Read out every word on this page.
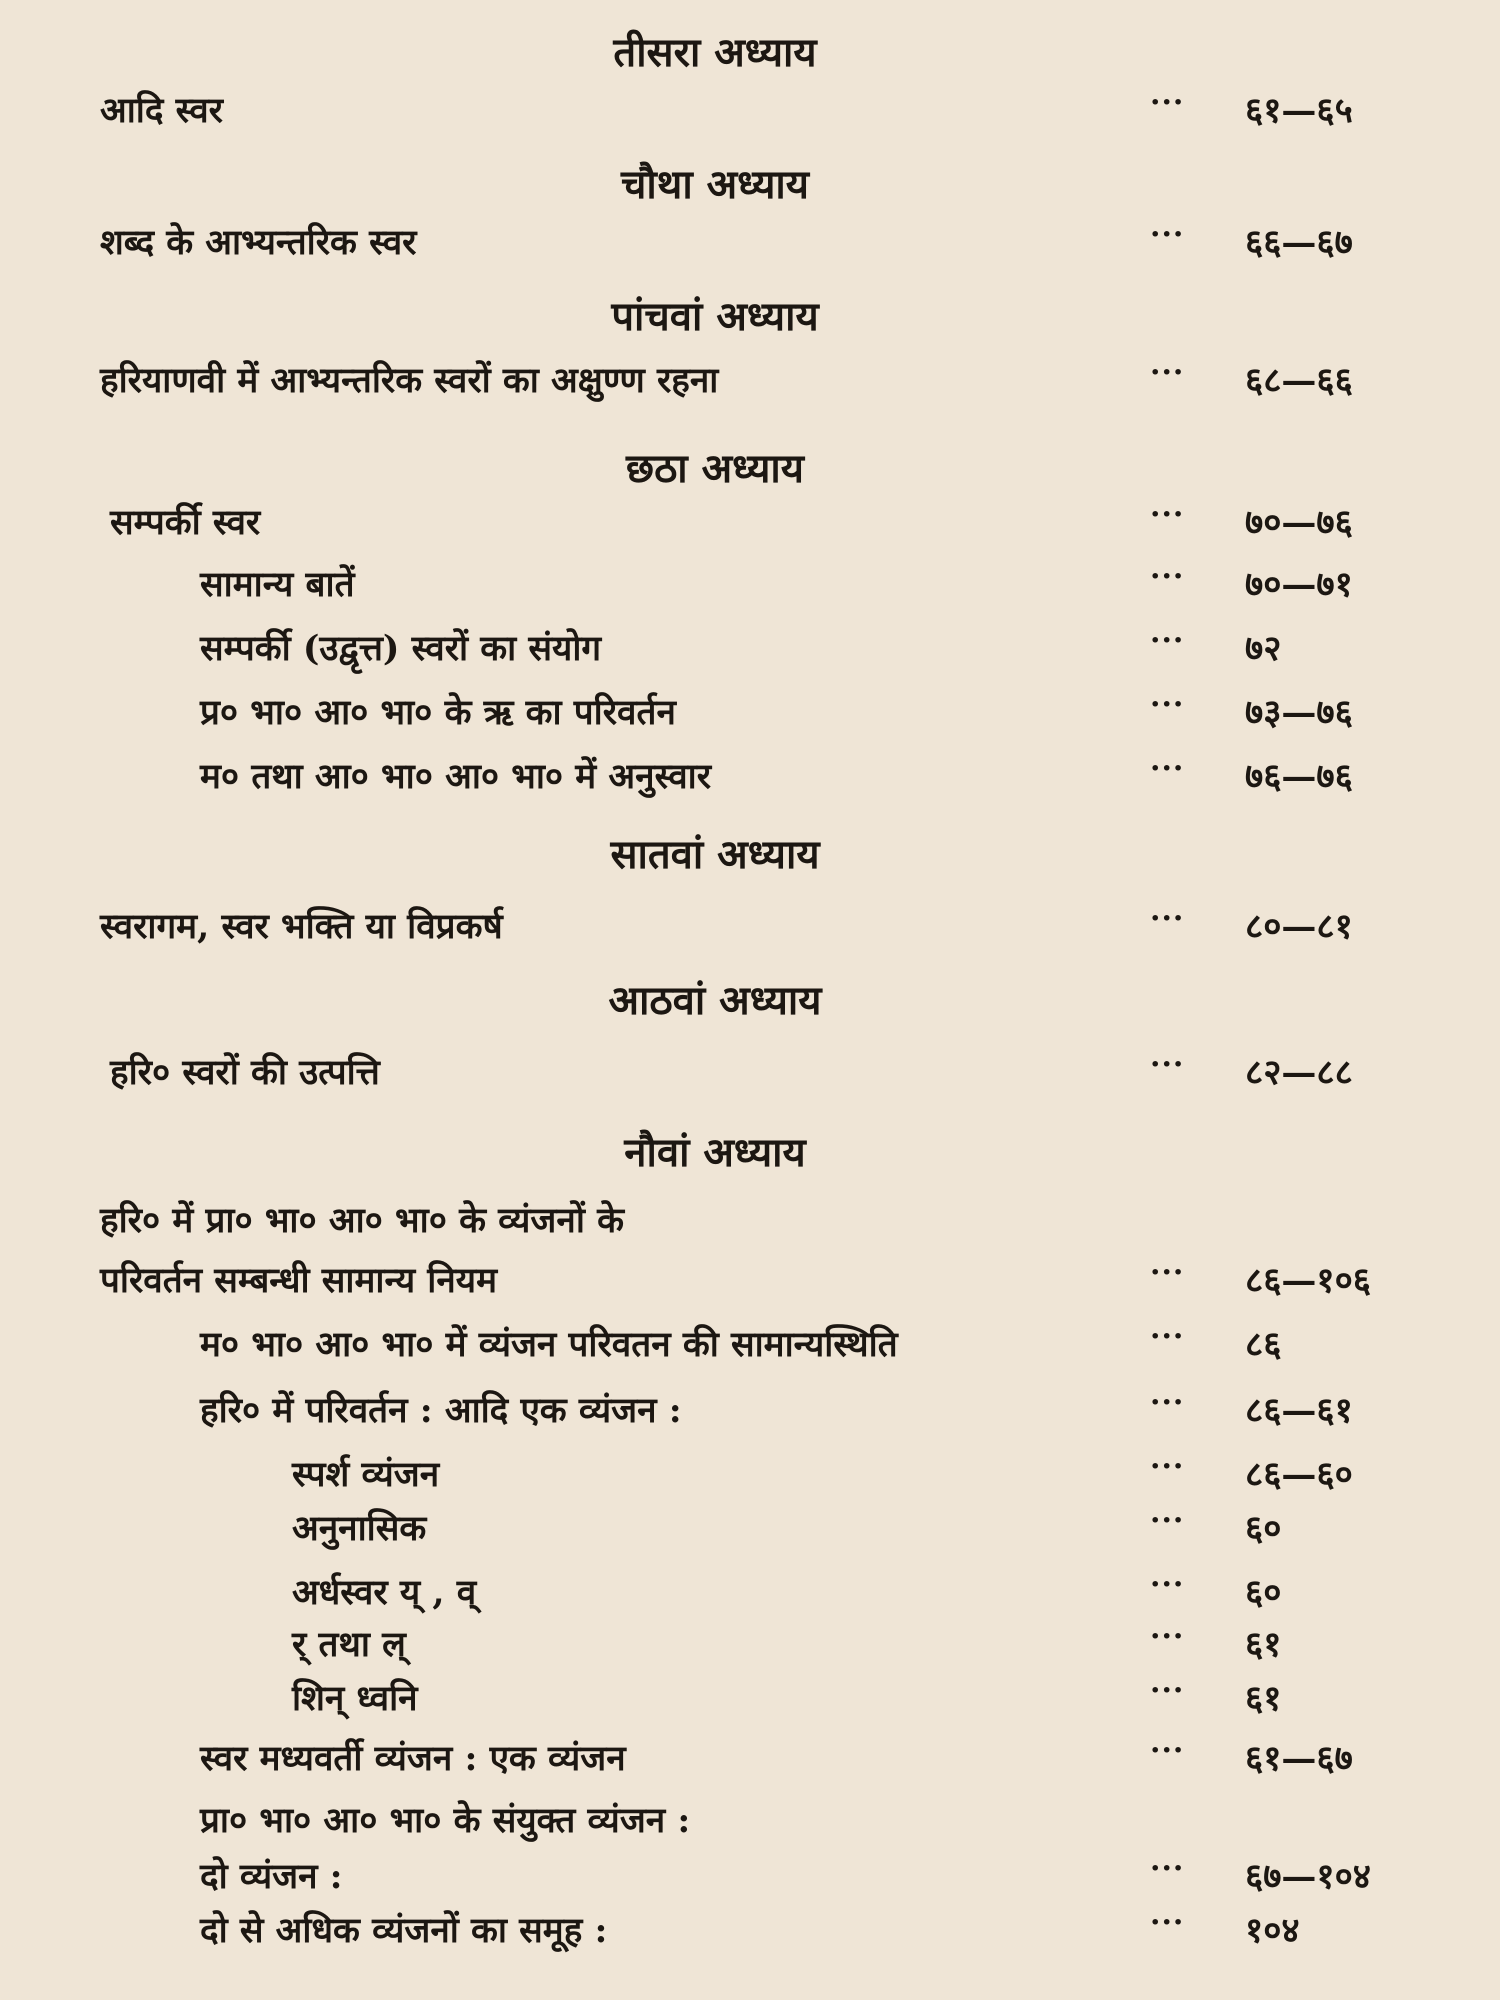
तीसरा अध्याय
आदि स्वर	··· ६१—६५
चौथा अध्याय
शब्द के आभ्यन्तरिक स्वर	··· ६६—६७
पांचवां अध्याय
हरियाणवी में आभ्यन्तरिक स्वरों का अक्षुण्ण रहना	··· ६८—६६
छठा अध्याय
सम्पर्की स्वर	··· ७०—७६
सामान्य बातें	··· ७०—७१
सम्पर्की (उद्वृत्त) स्वरों का संयोग	··· ७२
प्र० भा० आ० भा० के ऋ का परिवर्तन	··· ७३—७६
म० तथा आ० भा० आ० भा० में अनुस्वार	··· ७६—७६
सातवां अध्याय
स्वरागम, स्वर भक्ति या विप्रकर्ष	··· ८०—८१
आठवां अध्याय
हरि० स्वरों की उत्पत्ति	··· ८२—८८
नौवां अध्याय
हरि० में प्रा० भा० आ० भा० के व्यंजनों के
परिवर्तन सम्बन्धी सामान्य नियम	··· ८६—१०६
म० भा० आ० भा० में व्यंजन परिवतन की सामान्यस्थिति	··· ८६
हरि० में परिवर्तन : आदि एक व्यंजन :	··· ८६—६१
स्पर्श व्यंजन	··· ८६—६०
अनुनासिक	··· ६०
अर्धस्वर य् , व्	··· ६०
र् तथा ल्	··· ६१
शिन् ध्वनि	··· ६१
स्वर मध्यवर्ती व्यंजन : एक व्यंजन	··· ६१—६७
प्रा० भा० आ० भा० के संयुक्त व्यंजन :
दो व्यंजन :	··· ६७—१०४
दो से अधिक व्यंजनों का समूह :	··· १०४
